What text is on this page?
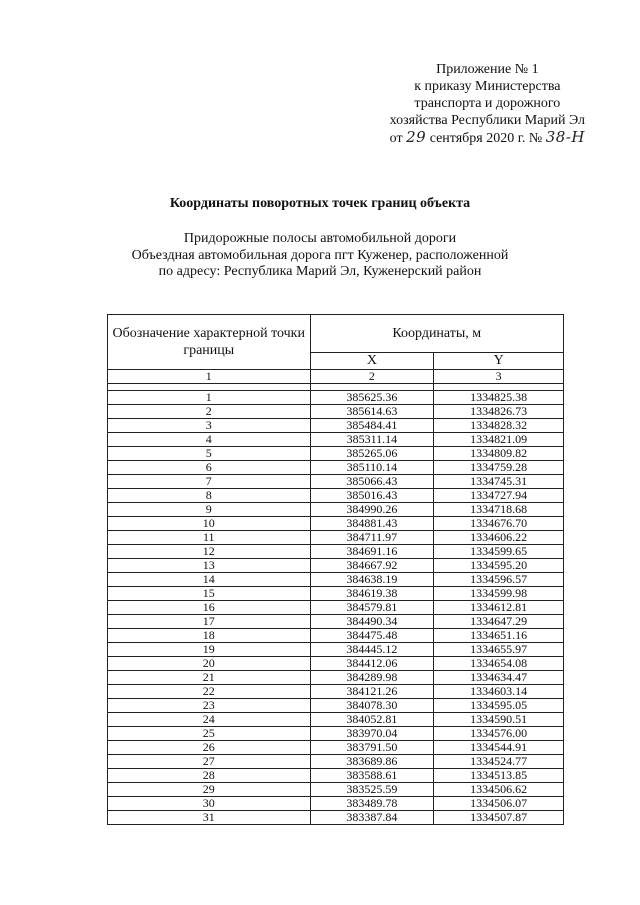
Приложение № 1
к приказу Министерства
транспорта и дорожного
хозяйства Республики Марий Эл
от 29 сентября 2020 г. № 38-H
Координаты поворотных точек границ объекта
Придорожные полосы автомобильной дороги
Объездная автомобильная дорога пгт Куженер, расположенной
по адресу: Республика Марий Эл, Куженерский район
Обозначение характерной точки границы	Координаты, м	
	X	Y
1	2	3

1	385625.36	1334825.38
2	385614.63	1334826.73
3	385484.41	1334828.32
4	385311.14	1334821.09
5	385265.06	1334809.82
6	385110.14	1334759.28
7	385066.43	1334745.31
8	385016.43	1334727.94
9	384990.26	1334718.68
10	384881.43	1334676.70
11	384711.97	1334606.22
12	384691.16	1334599.65
13	384667.92	1334595.20
14	384638.19	1334596.57
15	384619.38	1334599.98
16	384579.81	1334612.81
17	384490.34	1334647.29
18	384475.48	1334651.16
19	384445.12	1334655.97
20	384412.06	1334654.08
21	384289.98	1334634.47
22	384121.26	1334603.14
23	384078.30	1334595.05
24	384052.81	1334590.51
25	383970.04	1334576.00
26	383791.50	1334544.91
27	383689.86	1334524.77
28	383588.61	1334513.85
29	383525.59	1334506.62
30	383489.78	1334506.07
31	383387.84	1334507.87
